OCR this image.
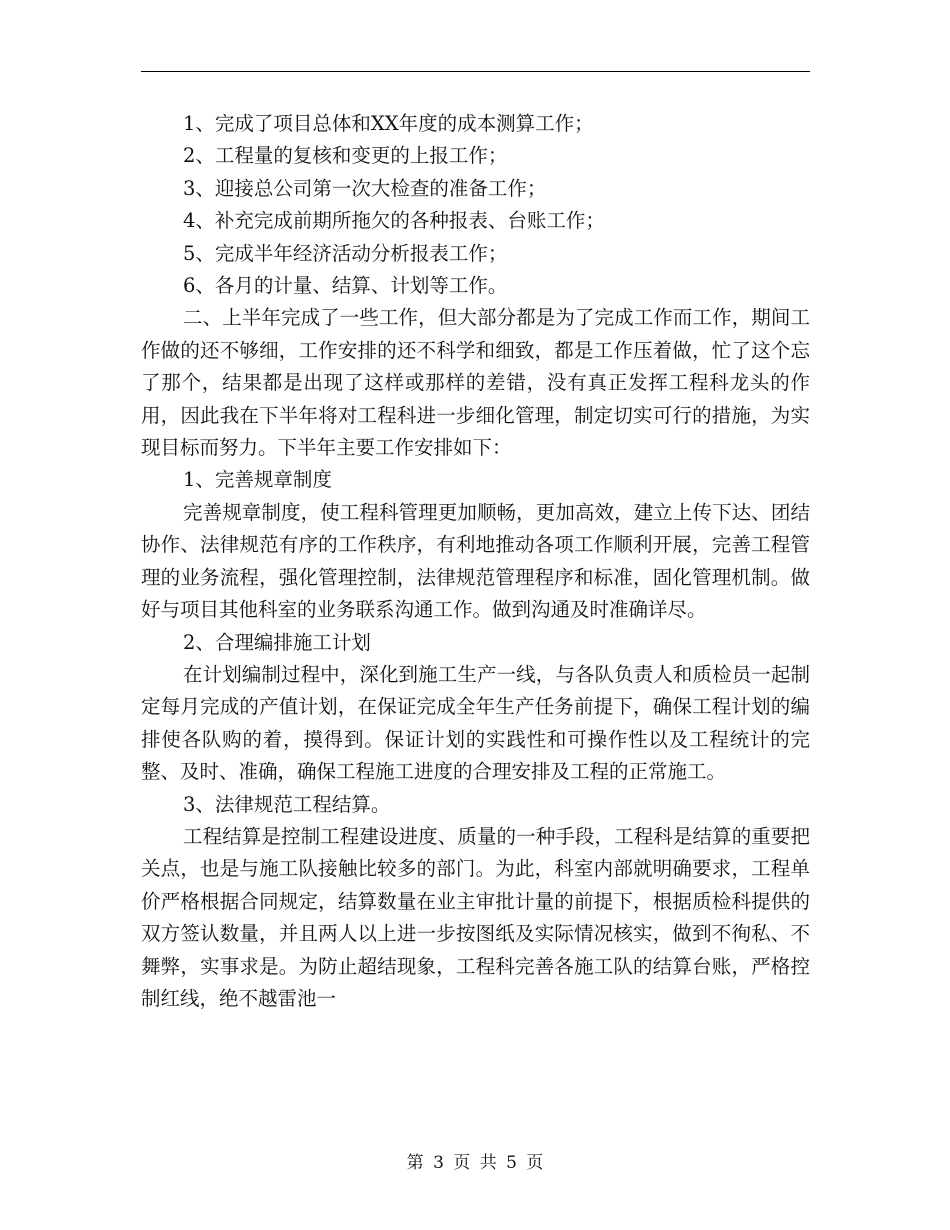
1、完成了项目总体和XX年度的成本测算工作；

2、工程量的复核和变更的上报工作；

3、迎接总公司第一次大检查的准备工作；

4、补充完成前期所拖欠的各种报表、台账工作；

5、完成半年经济活动分析报表工作；

6、各月的计量、结算、计划等工作。

二、上半年完成了一些工作，但大部分都是为了完成工作而工作，期间工作做的还不够细，工作安排的还不科学和细致，都是工作压着做，忙了这个忘了那个，结果都是出现了这样或那样的差错，没有真正发挥工程科龙头的作用，因此我在下半年将对工程科进一步细化管理，制定切实可行的措施，为实现目标而努力。下半年主要工作安排如下：

1、完善规章制度

完善规章制度，使工程科管理更加顺畅，更加高效，建立上传下达、团结协作、法律规范有序的工作秩序，有利地推动各项工作顺利开展，完善工程管理的业务流程，强化管理控制，法律规范管理程序和标准，固化管理机制。做好与项目其他科室的业务联系沟通工作。做到沟通及时准确详尽。

2、合理编排施工计划

在计划编制过程中，深化到施工生产一线，与各队负责人和质检员一起制定每月完成的产值计划，在保证完成全年生产任务前提下，确保工程计划的编排使各队购的着，摸得到。保证计划的实践性和可操作性以及工程统计的完整、及时、准确，确保工程施工进度的合理安排及工程的正常施工。

3、法律规范工程结算。

工程结算是控制工程建设进度、质量的一种手段，工程科是结算的重要把关点，也是与施工队接触比较多的部门。为此，科室内部就明确要求，工程单价严格根据合同规定，结算数量在业主审批计量的前提下，根据质检科提供的双方签认数量，并且两人以上进一步按图纸及实际情况核实，做到不徇私、不舞弊，实事求是。为防止超结现象，工程科完善各施工队的结算台账，严格控制红线，绝不越雷池一

第 3 页 共 5 页
